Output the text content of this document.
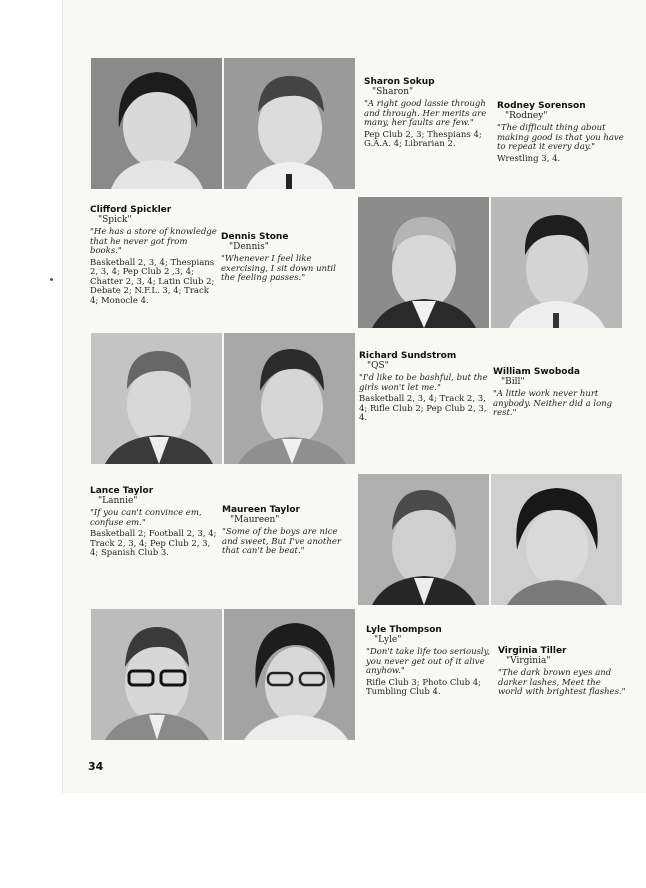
Sharon Sokup
"Sharon"
"A right good lassie through and through. Her merits are many, her faults are few."
Pep Club 2, 3; Thespians 4; G.A.A. 4; Librarian 2.
Rodney Sorenson
"Rodney"
"The difficult thing about making good is that you have to repeat it every day."
Wrestling 3, 4.
Clifford Spickler
"Spick"
"He has a store of knowledge that he never got from books."
Basketball 2, 3, 4; Thespians 2, 3, 4; Pep Club 2 ,3, 4; Chatter 2, 3, 4; Latin Club 2; Debate 2; N.F.L. 3, 4; Track 4; Monocle 4.
Dennis Stone
"Dennis"
"Whenever I feel like exercising, I sit down until the feeling passes."
Richard Sundstrom
"QS"
"I'd like to be bashful, but the girls won't let me."
Basketball 2, 3, 4; Track 2, 3, 4; Rifle Club 2; Pep Club 2, 3, 4.
William Swoboda
"Bill"
"A little work never hurt anybody. Neither did a long rest."
Lance Taylor
"Lannie"
"If you can't convince em, confuse em."
Basketball 2; Football 2, 3, 4; Track 2, 3, 4; Pep Club 2, 3, 4; Spanish Club 3.
Maureen Taylor
"Maureen"
"Some of the boys are nice and sweet, But I've another that can't be beat."
Lyle Thompson
"Lyle"
"Don't take life too seriously, you never get out of it alive anyhow."
Rifle Club 3; Photo Club 4; Tumbling Club 4.
Virginia Tiller
"Virginia"
"The dark brown eyes and darker lashes, Meet the world with brightest flashes."
34
